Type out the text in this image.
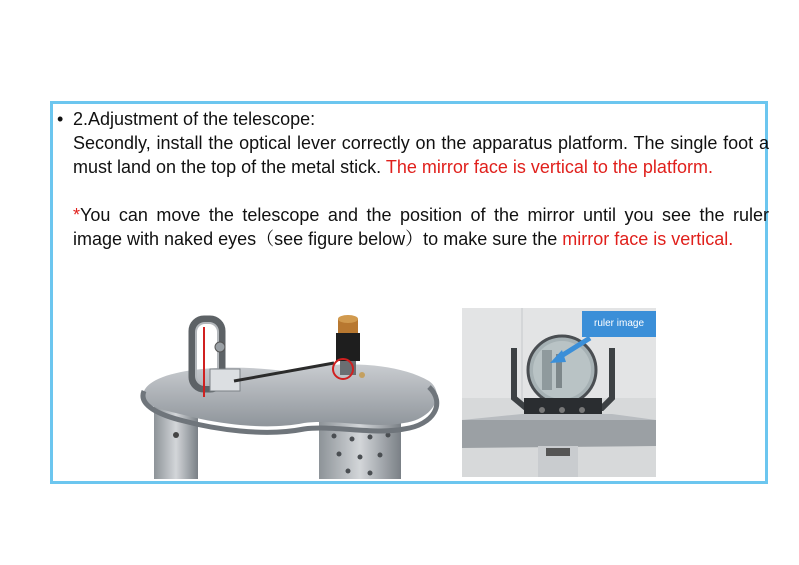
• 2.Adjustment of the telescope:
Secondly, install the optical lever correctly on the apparatus platform. The single foot a must land on the top of the metal stick. The mirror face is vertical to the platform.
*You can move the telescope and the position of the mirror until you see the ruler image with naked eyes（see figure below）to make sure the mirror face is vertical.
ruler image
